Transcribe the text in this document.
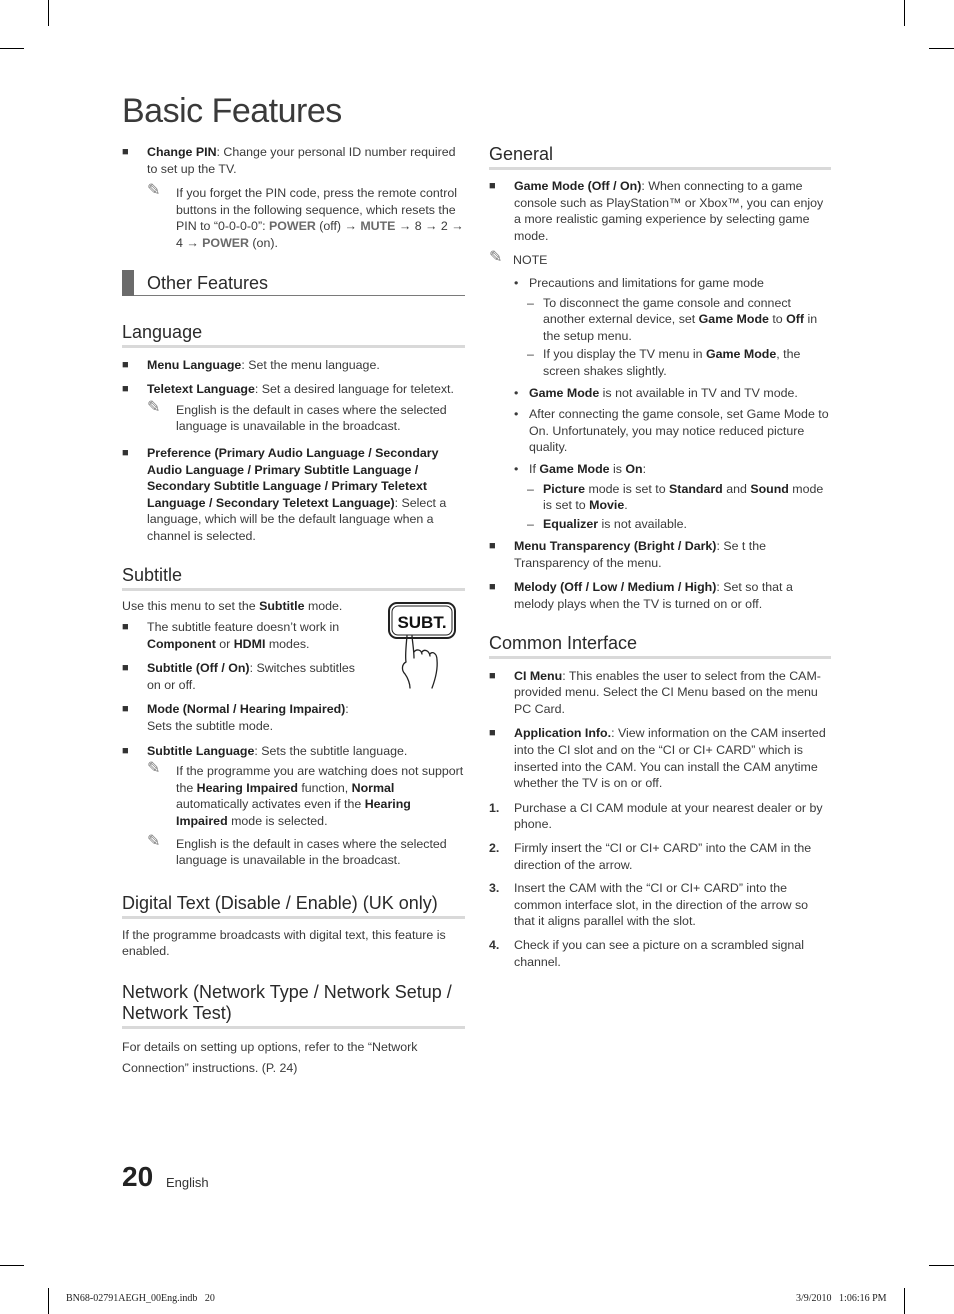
Basic Features
■ Change PIN: Change your personal ID number required to set up the TV.
✎ If you forget the PIN code, press the remote control buttons in the following sequence, which resets the PIN to “0-0-0-0”: POWER (off) → MUTE → 8 → 2 → 4 → POWER (on).
Other Features
Language
■ Menu Language: Set the menu language.
■ Teletext Language: Set a desired language for teletext.
✎ English is the default in cases where the selected language is unavailable in the broadcast.
■ Preference (Primary Audio Language / Secondary Audio Language / Primary Subtitle Language / Secondary Subtitle Language / Primary Teletext Language / Secondary Teletext Language): Select a language, which will be the default language when a channel is selected.
Subtitle

Use this menu to set the Subtitle mode.

■ The subtitle feature doesn’t work in Component or HDMI modes.
■ Subtitle (Off / On): Switches subtitles on or off.
■ Mode (Normal / Hearing Impaired): Sets the subtitle mode.
■ Subtitle Language: Sets the subtitle language.
✎ If the programme you are watching does not support the Hearing Impaired function, Normal automatically activates even if the Hearing Impaired mode is selected.
✎ English is the default in cases where the selected language is unavailable in the broadcast.
Digital Text (Disable / Enable) (UK only)

If the programme broadcasts with digital text, this feature is enabled.

Network (Network Type / Network Setup / Network Test)

For details on setting up options, refer to the “Network

Connection” instructions. (P. 24)

SUBT.
General
■ Game Mode (Off / On): When connecting to a game console such as PlayStation™ or Xbox™, you can enjoy a more realistic gaming experience by selecting game mode.
✎ NOTE
• Precautions and limitations for game mode
– To disconnect the game console and connect another external device, set Game Mode to Off in the setup menu.
– If you display the TV menu in Game Mode, the screen shakes slightly.
• Game Mode is not available in TV and TV mode.
• After connecting the game console, set Game Mode to On. Unfortunately, you may notice reduced picture quality.
• If Game Mode is On:
– Picture mode is set to Standard and Sound mode is set to Movie.
– Equalizer is not available.
■ Menu Transparency (Bright / Dark): Se t the Transparency of the menu.
■ Melody (Off / Low / Medium / High): Set so that a melody plays when the TV is turned on or off.
Common Interface
■ CI Menu: This enables the user to select from the CAM-provided menu. Select the CI Menu based on the menu PC Card.
■ Application Info.: View information on the CAM inserted into the CI slot and on the “CI or CI+ CARD” which is inserted into the CAM. You can install the CAM anytime whether the TV is on or off.
1. Purchase a CI CAM module at your nearest dealer or by phone.
2. Firmly insert the “CI or CI+ CARD” into the CAM in the direction of the arrow.
3. Insert the CAM with the “CI or CI+ CARD” into the common interface slot, in the direction of the arrow so that it aligns parallel with the slot.
4. Check if you can see a picture on a scrambled signal channel.
20 English
BN68-02791AEGH_00Eng.indb   20	3/9/2010   1:06:16 PM
